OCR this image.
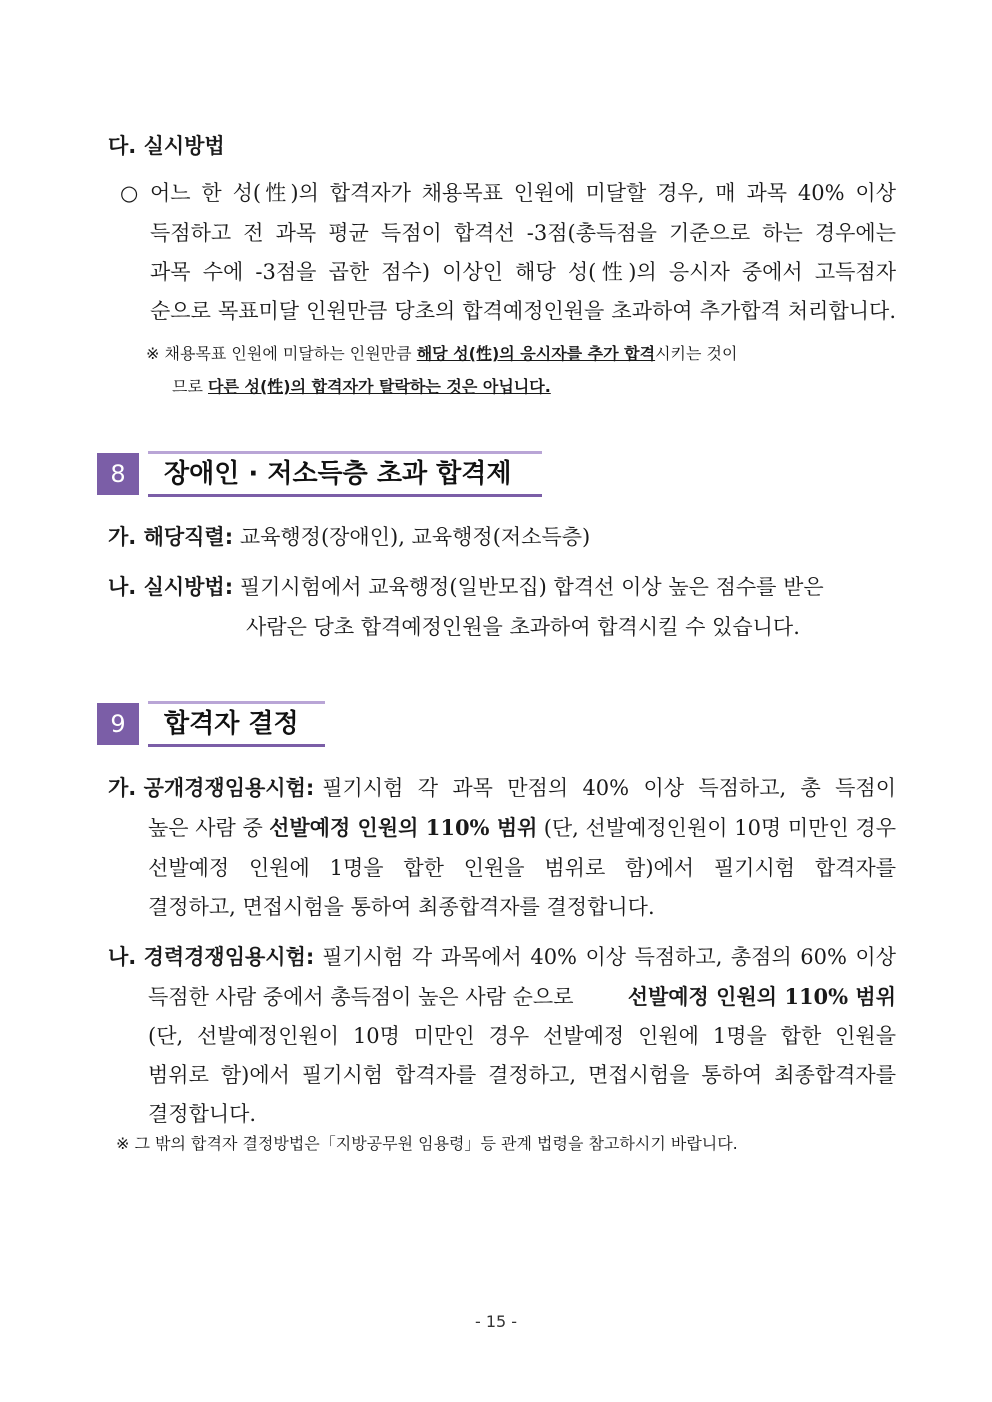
다. 실시방법
○ 어느 한 성(性)의 합격자가 채용목표 인원에 미달할 경우, 매 과목 40% 이상
득점하고 전 과목 평균 득점이 합격선 -3점(총득점을 기준으로 하는 경우에는
과목 수에 -3점을 곱한 점수) 이상인 해당 성(性)의 응시자 중에서 고득점자
순으로 목표미달 인원만큼 당초의 합격예정인원을 초과하여 추가합격 처리합니다.
※ 채용목표 인원에 미달하는 인원만큼 해당 성(性)의 응시자를 추가 합격시키는 것이
므로 다른 성(性)의 합격자가 탈락하는 것은 아닙니다.
8	장애인 · 저소득층 초과 합격제
가. 해당직렬: 교육행정(장애인), 교육행정(저소득층)
나. 실시방법: 필기시험에서 교육행정(일반모집) 합격선 이상 높은 점수를 받은
사람은 당초 합격예정인원을 초과하여 합격시킬 수 있습니다.
9	합격자 결정
가. 공개경쟁임용시험: 필기시험 각 과목 만점의 40% 이상 득점하고, 총 득점이
높은 사람 중 선발예정 인원의 110% 범위 (단, 선발예정인원이 10명 미만인 경우
선발예정 인원에 1명을 합한 인원을 범위로 함)에서 필기시험 합격자를
결정하고, 면접시험을 통하여 최종합격자를 결정합니다.
나. 경력경쟁임용시험: 필기시험 각 과목에서 40% 이상 득점하고, 총점의 60% 이상
득점한 사람 중에서 총득점이 높은 사람 순으로	선발예정 인원의 110% 범위
(단, 선발예정인원이 10명 미만인 경우 선발예정 인원에 1명을 합한 인원을
범위로 함)에서 필기시험 합격자를 결정하고, 면접시험을 통하여 최종합격자를
결정합니다.
※ 그 밖의 합격자 결정방법은「지방공무원 임용령」등 관계 법령을 참고하시기 바랍니다.
- 15 -
